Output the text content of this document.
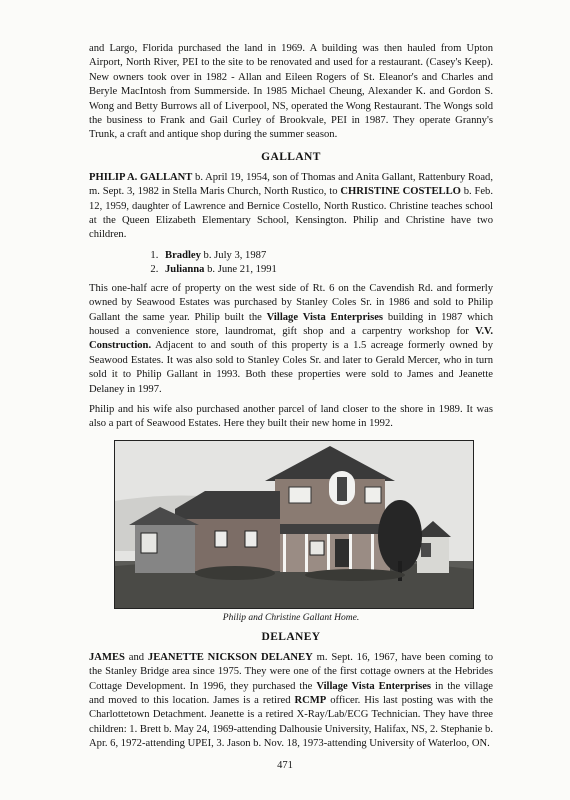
and Largo, Florida purchased the land in 1969. A building was then hauled from Upton Airport, North River, PEI to the site to be renovated and used for a restaurant. (Casey's Keep). New owners took over in 1982 - Allan and Eileen Rogers of St. Eleanor's and Charles and Beryle MacIntosh from Summerside. In 1985 Michael Cheung, Alexander K. and Gordon S. Wong and Betty Burrows all of Liverpool, NS, operated the Wong Restaurant. The Wongs sold the business to Frank and Gail Curley of Brookvale, PEI in 1987. They operate Granny's Trunk, a craft and antique shop during the summer season.

GALLANT

PHILIP A. GALLANT b. April 19, 1954, son of Thomas and Anita Gallant, Rattenbury Road, m. Sept. 3, 1982 in Stella Maris Church, North Rustico, to CHRISTINE COSTELLO b. Feb. 12, 1959, daughter of Lawrence and Bernice Costello, North Rustico. Christine teaches school at the Queen Elizabeth Elementary School, Kensington. Philip and Christine have two children.

1. Bradley b. July 3, 1987
2. Julianna b. June 21, 1991

This one-half acre of property on the west side of Rt. 6 on the Cavendish Rd. and formerly owned by Seawood Estates was purchased by Stanley Coles Sr. in 1986 and sold to Philip Gallant the same year. Philip built the Village Vista Enterprises building in 1987 which housed a convenience store, laundromat, gift shop and a carpentry workshop for V.V. Construction. Adjacent to and south of this property is a 1.5 acreage formerly owned by Seawood Estates. It was also sold to Stanley Coles Sr. and later to Gerald Mercer, who in turn sold it to Philip Gallant in 1993. Both these properties were sold to James and Jeanette Delaney in 1997.

Philip and his wife also purchased another parcel of land closer to the shore in 1989. It was also a part of Seawood Estates. Here they built their new home in 1992.

Philip and Christine Gallant Home.
DELANEY

JAMES and JEANETTE NICKSON DELANEY m. Sept. 16, 1967, have been coming to the Stanley Bridge area since 1975. They were one of the first cottage owners at the Hebrides Cottage Development. In 1996, they purchased the Village Vista Enterprises in the village and moved to this location. James is a retired RCMP officer. His last posting was with the Charlottetown Detachment. Jeanette is a retired X-Ray/Lab/ECG Technician. They have three children: 1. Brett b. May 24, 1969-attending Dalhousie University, Halifax, NS, 2. Stephanie b. Apr. 6, 1972-attending UPEI, 3. Jason b. Nov. 18, 1973-attending University of Waterloo, ON.

471
